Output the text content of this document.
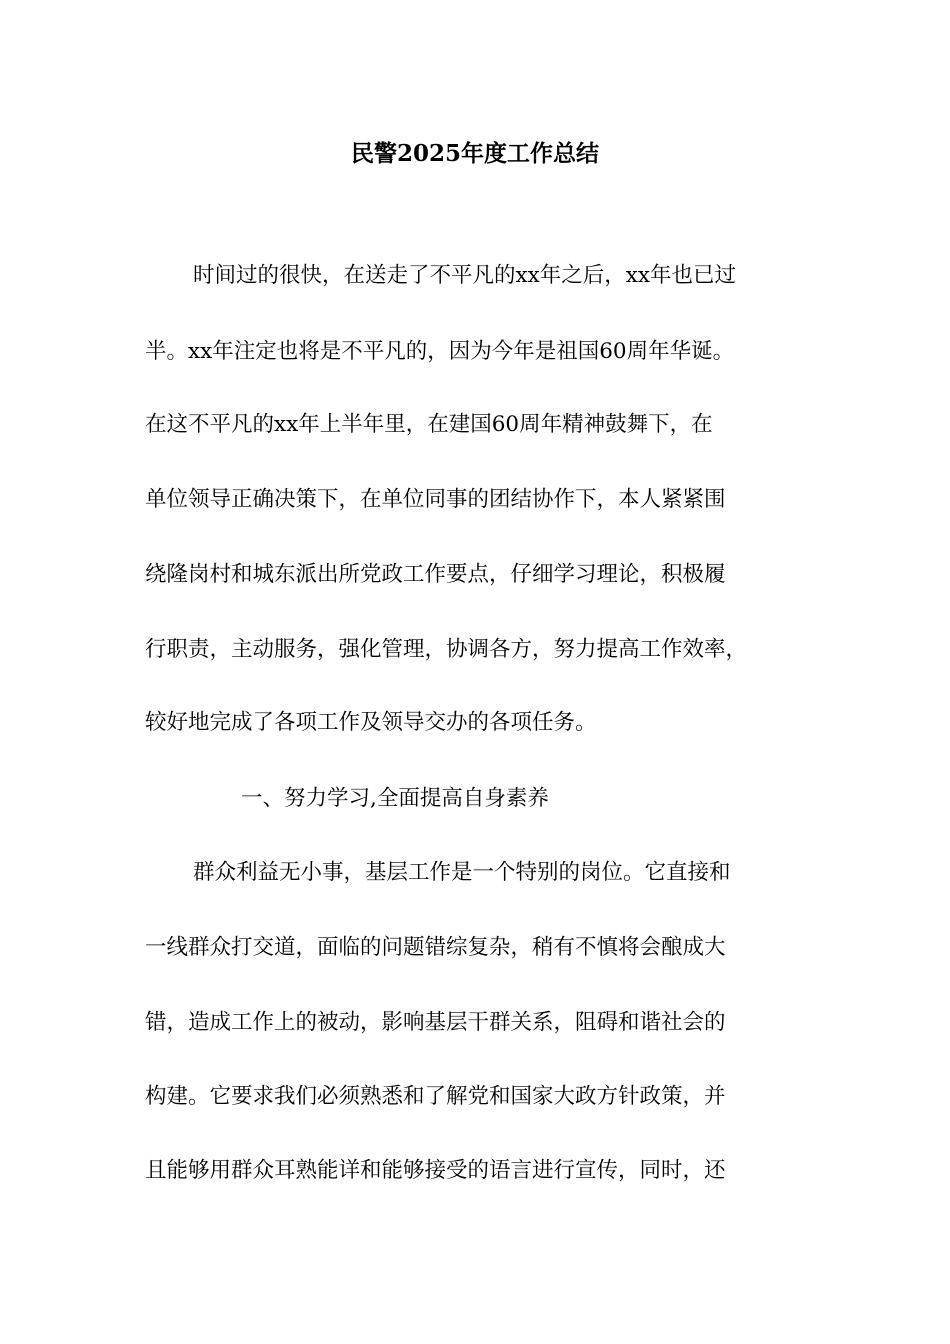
民警2025年度工作总结

时间过的很快，在送走了不平凡的xx年之后，xx年也已过

半。xx年注定也将是不平凡的，因为今年是祖国60周年华诞。

在这不平凡的xx年上半年里，在建国60周年精神鼓舞下，在

单位领导正确决策下，在单位同事的团结协作下，本人紧紧围

绕隆岗村和城东派出所党政工作要点，仔细学习理论，积极履

行职责，主动服务，强化管理，协调各方，努力提高工作效率，

较好地完成了各项工作及领导交办的各项任务。

一、努力学习,全面提高自身素养

群众利益无小事，基层工作是一个特别的岗位。它直接和

一线群众打交道，面临的问题错综复杂，稍有不慎将会酿成大

错，造成工作上的被动，影响基层干群关系，阻碍和谐社会的

构建。它要求我们必须熟悉和了解党和国家大政方针政策，并

且能够用群众耳熟能详和能够接受的语言进行宣传，同时，还
